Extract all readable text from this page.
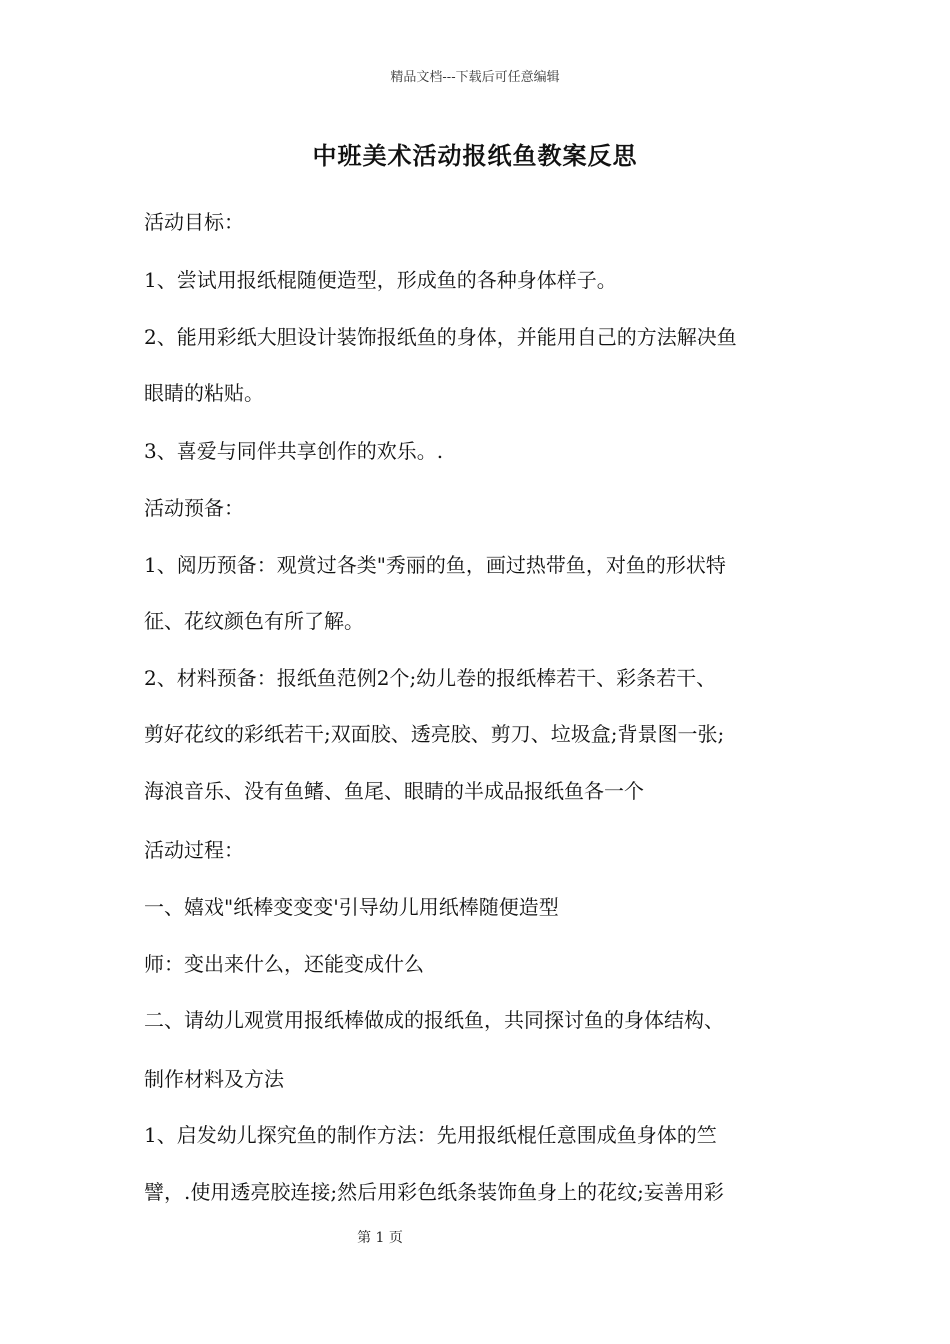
精品文档---下载后可任意编辑
中班美术活动报纸鱼教案反思
活动目标：
1、尝试用报纸棍随便造型，形成鱼的各种身体样子。
2、能用彩纸大胆设计装饰报纸鱼的身体，并能用自己的方法解决鱼
眼睛的粘贴。
3、喜爱与同伴共享创作的欢乐。.
活动预备：
1、阅历预备：观赏过各类"秀丽的鱼，画过热带鱼，对鱼的形状特
征、花纹颜色有所了解。
2、材料预备：报纸鱼范例2个;幼儿卷的报纸棒若干、彩条若干、
剪好花纹的彩纸若干;双面胶、透亮胶、剪刀、垃圾盒;背景图一张;
海浪音乐、没有鱼鳍、鱼尾、眼睛的半成品报纸鱼各一个
活动过程：
一、嬉戏"纸棒变变变'引导幼儿用纸棒随便造型
师：变出来什么，还能变成什么
二、请幼儿观赏用报纸棒做成的报纸鱼，共同探讨鱼的身体结构、
制作材料及方法
1、启发幼儿探究鱼的制作方法：先用报纸棍任意围成鱼身体的竺
譬，.使用透亮胶连接;然后用彩色纸条装饰鱼身上的花纹;妄善用彩
第 1 页
